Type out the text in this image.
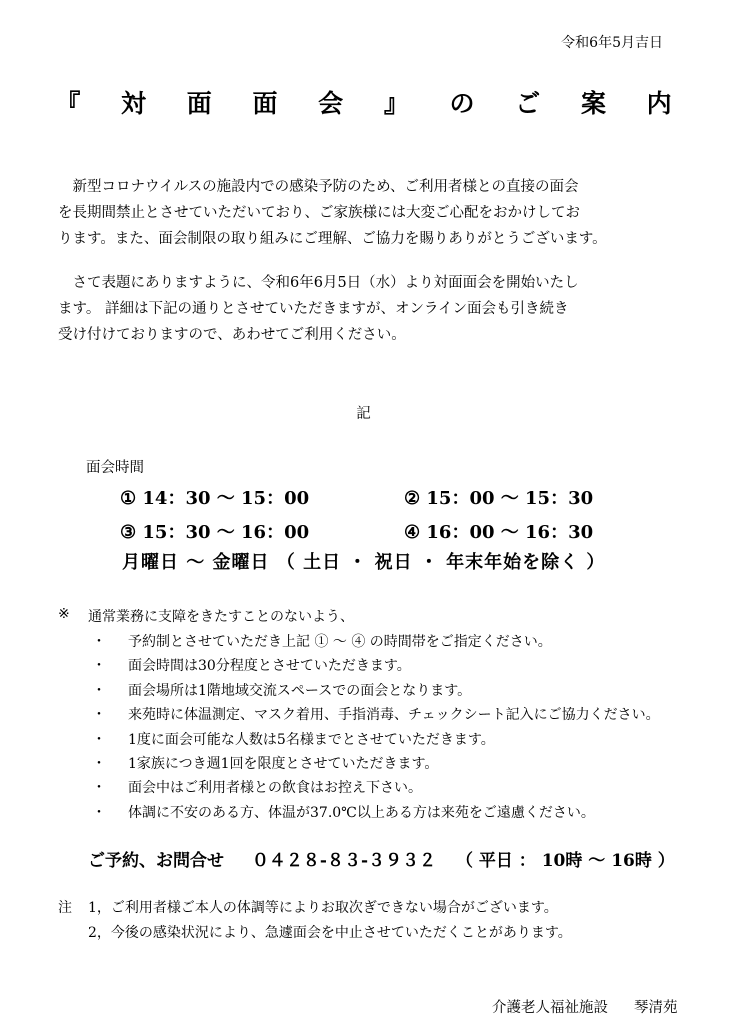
令和6年5月吉日
『 対 面 面 会 』 の ご 案 内

　新型コロナウイルスの施設内での感染予防のため、ご利用者様との直接の面会

を長期間禁止とさせていただいており、ご家族様には大変ご心配をおかけしてお

ります。また、面会制限の取り組みにご理解、ご協力を賜りありがとうございます。

　さて表題にありますように、令和6年6月5日（水）より対面面会を開始いたし

ます。 詳細は下記の通りとさせていただきますが、オンライン面会も引き続き

受け付けておりますので、あわせてご利用ください。

記
面会時間
① 14：30 〜 15：00	② 15：00 〜 15：30
③ 15：30 〜 16：00	④ 16：00 〜 16：30
月曜日 〜 金曜日 （ 土日 ・ 祝日 ・ 年末年始を除く ）
※	通常業務に支障をきたすことのないよう、
・	予約制とさせていただき上記 ① 〜 ④ の時間帯をご指定ください。
・	面会時間は30分程度とさせていただきます。
・	面会場所は1階地域交流スペースでの面会となります。
・	来苑時に体温測定、マスク着用、手指消毒、チェックシート記入にご協力ください。
・	1度に面会可能な人数は5名様までとさせていただきます。
・	1家族につき週1回を限度とさせていただきます。
・	面会中はご利用者様との飲食はお控え下さい。
・	体調に不安のある方、体温が37.0℃以上ある方は来苑をご遠慮ください。
ご予約、お問合せ ０４２８-８３-３９３２ （ 平日 ： 10時 〜 16時 ）
注	1，ご利用者様ご本人の体調等によりお取次ぎできない場合がございます。
2，今後の感染状況により、急遽面会を中止させていただくことがあります。
介護老人福祉施設 琴清苑
